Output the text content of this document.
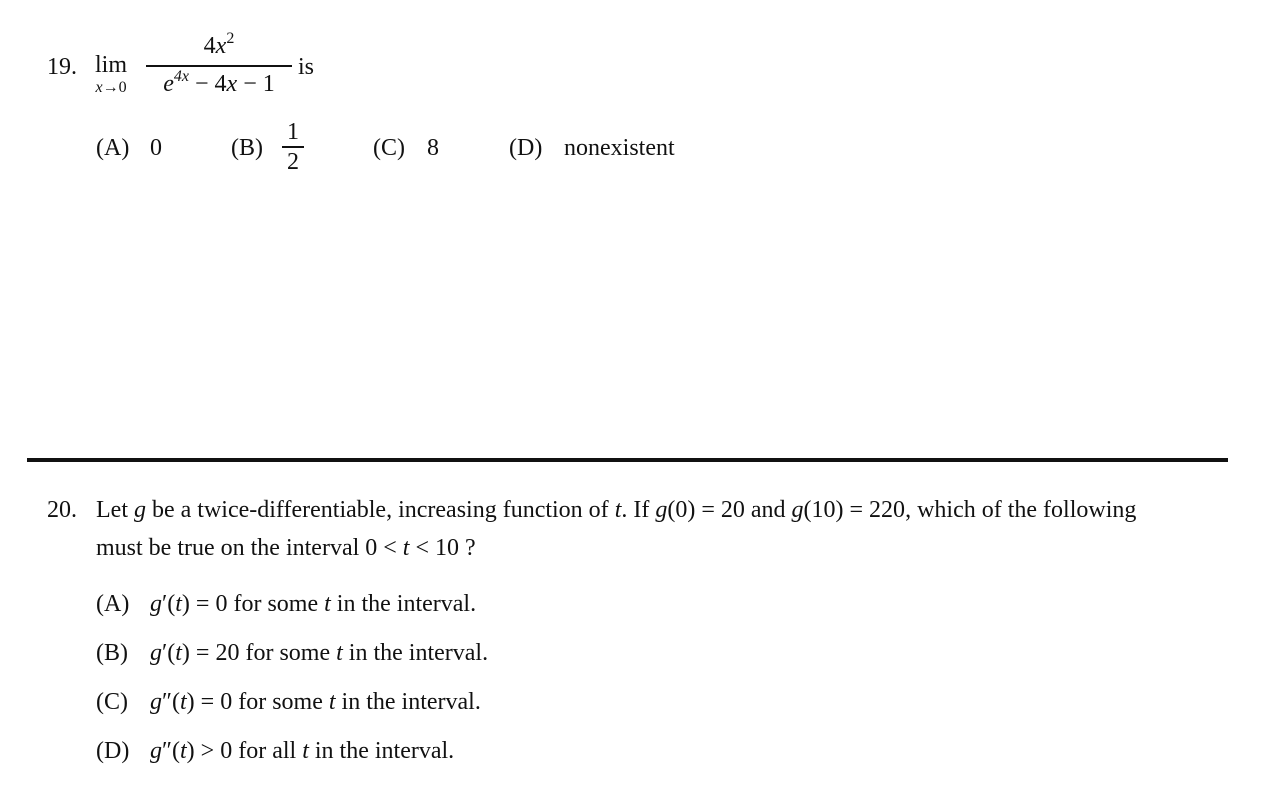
19. lim
$x\to 0 \frac{4x^2}{e^{4x} - 4x - 1}$ is
(A) 0	$(B) \frac{1}{2}$	(C) 8	(D) nonexistent
20. Let g be a twice-differentiable, increasing function of t. If g(0) = 20 and g(10) = 220, which of the following
must be true on the interval 0 < t < 10 ?
(A) g′(t) = 0 for some t in the interval.
(B) g′(t) = 20 for some t in the interval.
(C) g″(t) = 0 for some t in the interval.
(D) g″(t) > 0 for all t in the interval.
